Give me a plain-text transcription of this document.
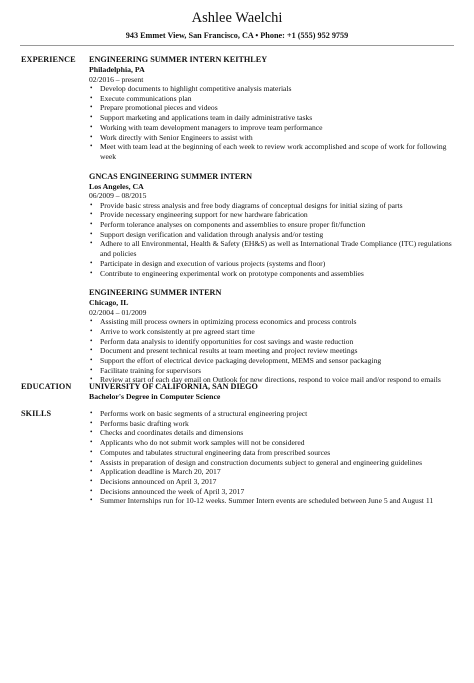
Ashlee Waelchi
943 Emmet View, San Francisco, CA • Phone: +1 (555) 952 9759
EXPERIENCE ENGINEERING SUMMER INTERN KEITHLEY
Philadelphia, PA
02/2016 – present
• Develop documents to highlight competitive analysis materials
• Execute communications plan
• Prepare promotional pieces and videos
• Support marketing and applications team in daily administrative tasks
• Working with team development managers to improve team performance
• Work directly with Senior Engineers to assist with
• Meet with team lead at the beginning of each week to review work accomplished and scope of work for following week
GNCAS ENGINEERING SUMMER INTERN
Los Angeles, CA
06/2009 – 08/2015
• Provide basic stress analysis and free body diagrams of conceptual designs for initial sizing of parts
• Provide necessary engineering support for new hardware fabrication
• Perform tolerance analyses on components and assemblies to ensure proper fit/function
• Support design verification and validation through analysis and/or testing
• Adhere to all Environmental, Health & Safety (EH&S) as well as International Trade Compliance (ITC) regulations and policies
• Participate in design and execution of various projects (systems and floor)
• Contribute to engineering experimental work on prototype components and assemblies
ENGINEERING SUMMER INTERN
Chicago, IL
02/2004 – 01/2009
• Assisting mill process owners in optimizing process economics and process controls
• Arrive to work consistently at pre agreed start time
• Perform data analysis to identify opportunities for cost savings and waste reduction
• Document and present technical results at team meeting and project review meetings
• Support the effort of electrical device packaging development, MEMS and sensor packaging
• Facilitate training for supervisors
• Review at start of each day email on Outlook for new directions, respond to voice mail and/or respond to emails
EDUCATION UNIVERSITY OF CALIFORNIA, SAN DIEGO
Bachelor's Degree in Computer Science
SKILLS	• Performs work on basic segments of a structural engineering project
• Performs basic drafting work
• Checks and coordinates details and dimensions
• Applicants who do not submit work samples will not be considered
• Computes and tabulates structural engineering data from prescribed sources
• Assists in preparation of design and construction documents subject to general and engineering guidelines
• Application deadline is March 20, 2017
• Decisions announced on April 3, 2017
• Decisions announced the week of April 3, 2017
• Summer Internships run for 10-12 weeks. Summer Intern events are scheduled between June 5 and August 11
